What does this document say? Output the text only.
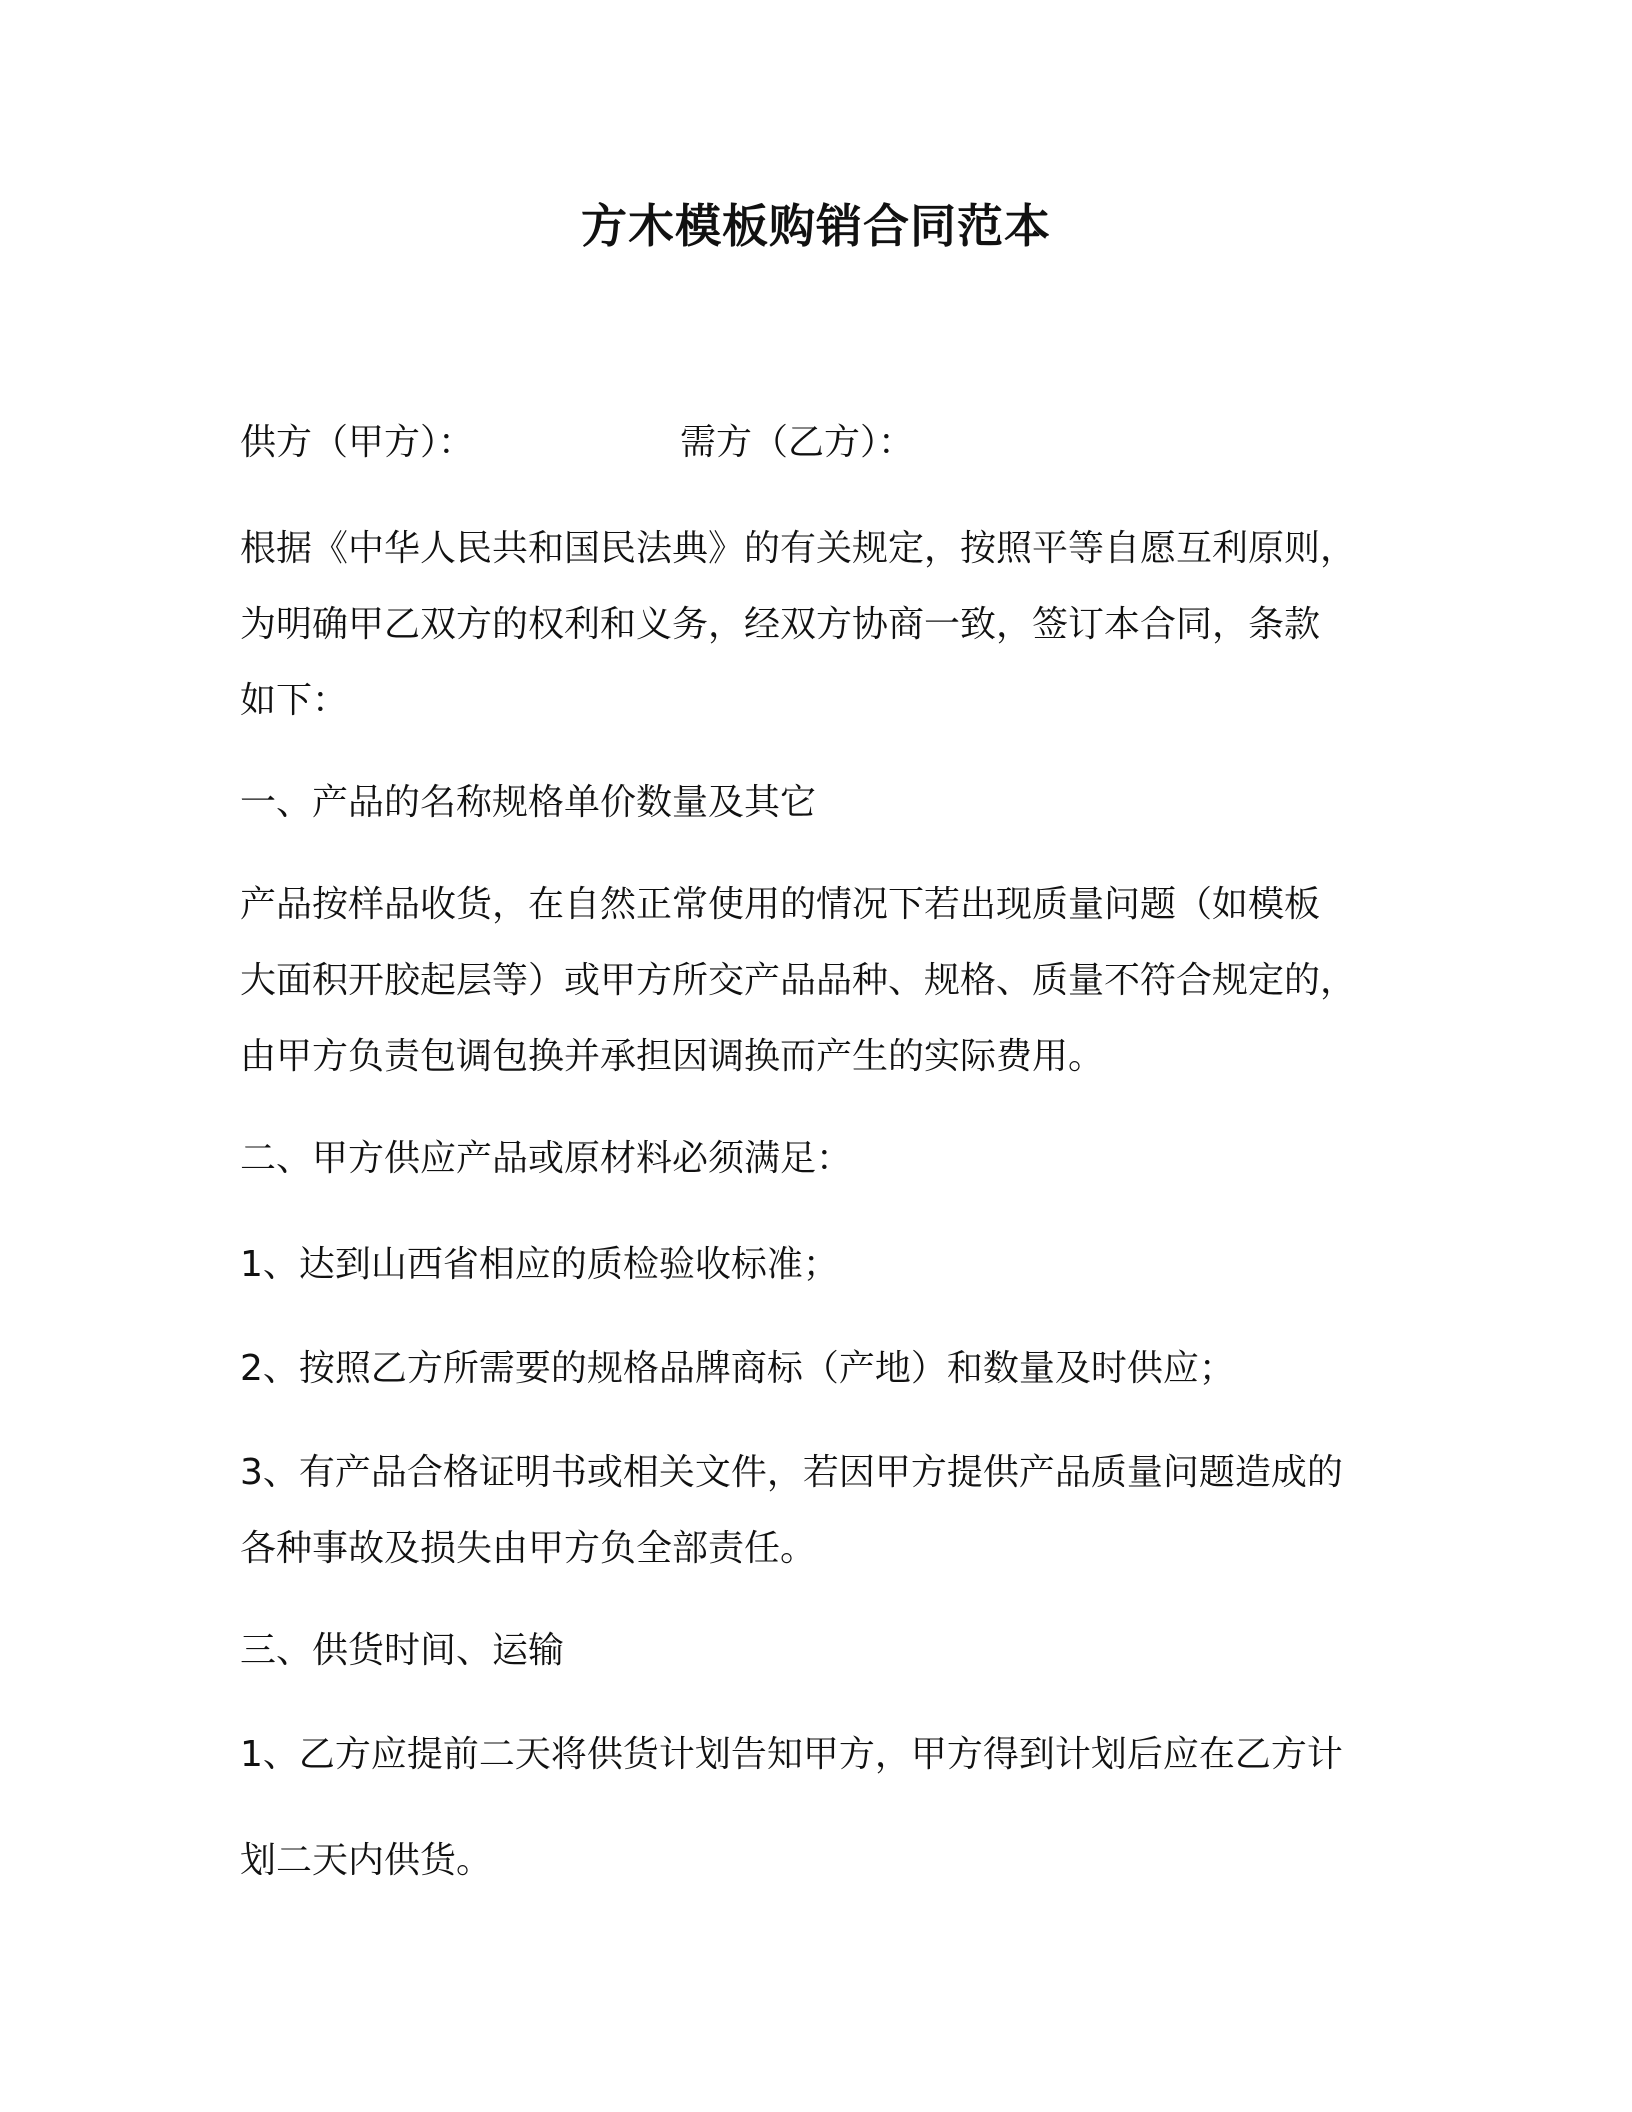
方木模板购销合同范本
供方（甲方）：	需方（乙方）：
根据《中华人民共和国民法典》的有关规定，按照平等自愿互利原则，
为明确甲乙双方的权利和义务，经双方协商一致，签订本合同，条款
如下：
一、产品的名称规格单价数量及其它
产品按样品收货，在自然正常使用的情况下若出现质量问题（如模板
大面积开胶起层等）或甲方所交产品品种、规格、质量不符合规定的，
由甲方负责包调包换并承担因调换而产生的实际费用。
二、甲方供应产品或原材料必须满足：
1、达到山西省相应的质检验收标准；
2、按照乙方所需要的规格品牌商标（产地）和数量及时供应；
3、有产品合格证明书或相关文件，若因甲方提供产品质量问题造成的
各种事故及损失由甲方负全部责任。
三、供货时间、运输
1、乙方应提前二天将供货计划告知甲方，甲方得到计划后应在乙方计
划二天内供货。
